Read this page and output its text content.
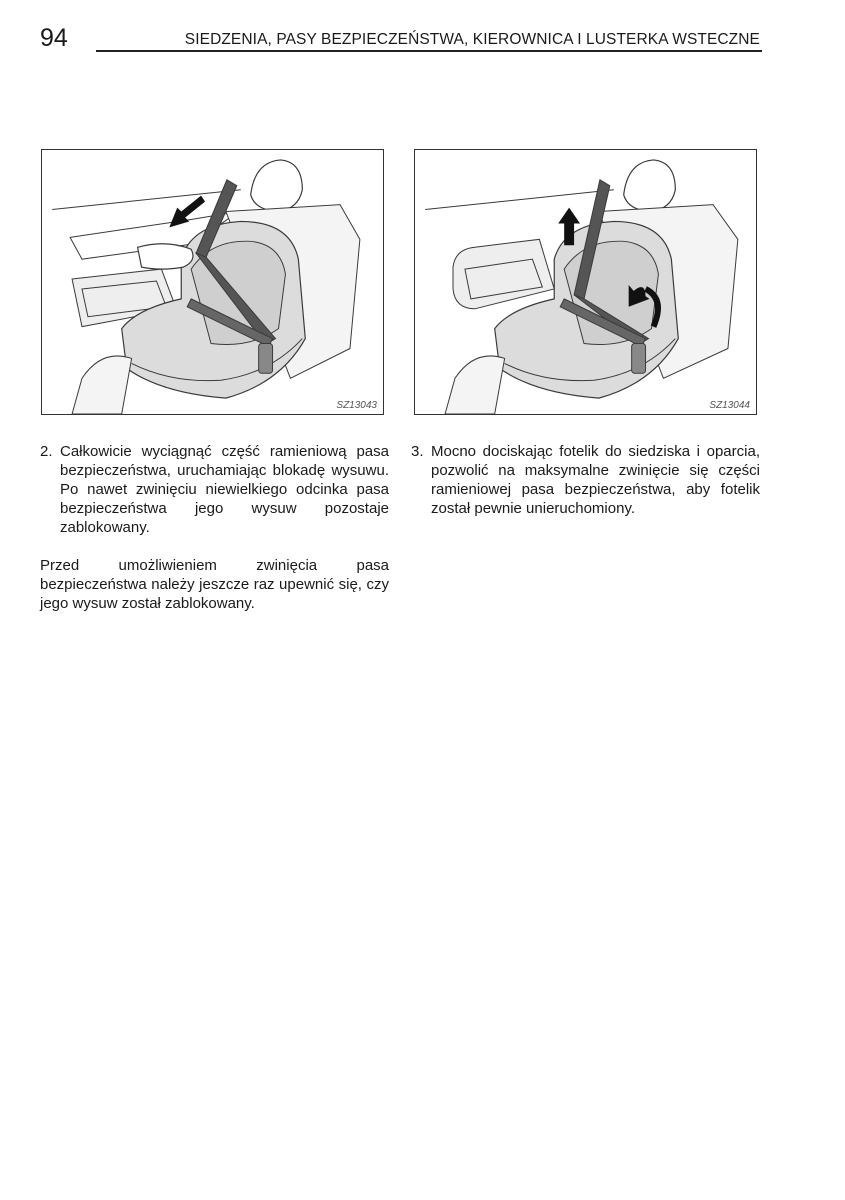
94	SIEDZENIA, PASY BEZPIECZEŃSTWA, KIEROWNICA I LUSTERKA WSTECZNE
SZ13043	SZ13044
2. Całkowicie wyciągnąć część ramieniową pasa bezpieczeństwa, uruchamiając blokadę wysuwu. Po nawet zwinięciu niewielkiego odcinka pasa bezpieczeństwa jego wysuw pozostaje zablokowany.
Przed umożliwieniem zwinięcia pasa bezpieczeństwa należy jeszcze raz upewnić się, czy jego wysuw został zablokowany.
3. Mocno dociskając fotelik do siedziska i oparcia, pozwolić na maksymalne zwinięcie się części ramieniowej pasa bezpieczeństwa, aby fotelik został pewnie unieruchomiony.
